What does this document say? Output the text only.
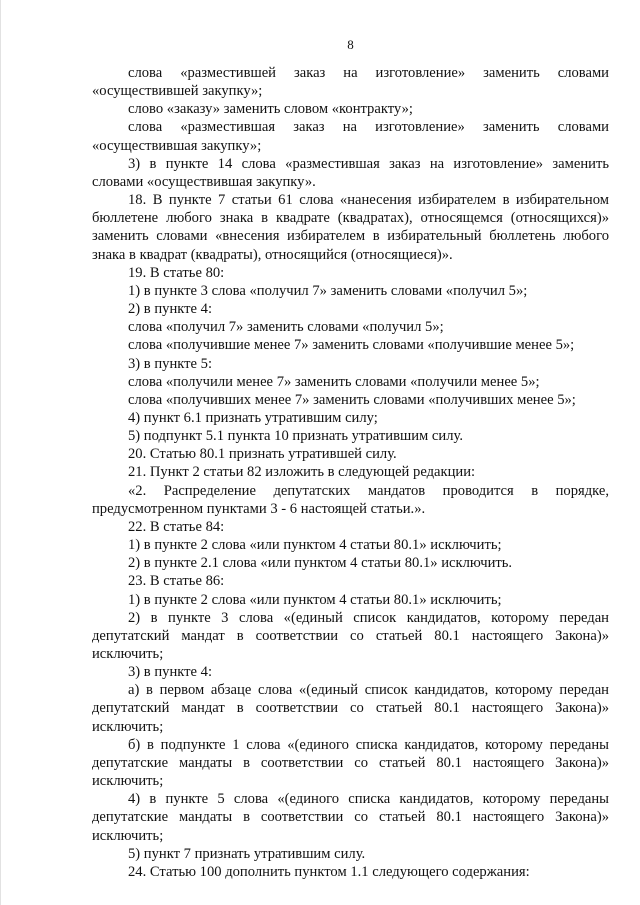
8

слова «разместившей заказ на изготовление» заменить словами «осуществившей закупку»;

слово «заказу» заменить словом «контракту»;

слова «разместившая заказ на изготовление» заменить словами «осуществившая закупку»;

3) в пункте 14 слова «разместившая заказ на изготовление» заменить словами «осуществившая закупку».

18. В пункте 7 статьи 61 слова «нанесения избирателем в избирательном бюллетене любого знака в квадрате (квадратах), относящемся (относящихся)» заменить словами «внесения избирателем в избирательный бюллетень любого знака в квадрат (квадраты), относящийся (относящиеся)».

19. В статье 80:

1) в пункте 3 слова «получил 7» заменить словами «получил 5»;

2) в пункте 4:

слова «получил 7» заменить словами «получил 5»;

слова «получившие менее 7» заменить словами «получившие менее 5»;

3) в пункте 5:

слова «получили менее 7» заменить словами «получили менее 5»;

слова «получивших менее 7» заменить словами «получивших менее 5»;

4) пункт 6.1 признать утратившим силу;

5) подпункт 5.1 пункта 10 признать утратившим силу.

20. Статью 80.1 признать утратившей силу.

21. Пункт 2 статьи 82 изложить в следующей редакции:

«2. Распределение депутатских мандатов проводится в порядке, предусмотренном пунктами 3 - 6 настоящей статьи.».

22. В статье 84:

1) в пункте 2 слова «или пунктом 4 статьи 80.1» исключить;

2) в пункте 2.1 слова «или пунктом 4 статьи 80.1» исключить.

23. В статье 86:

1) в пункте 2 слова «или пунктом 4 статьи 80.1» исключить;

2) в пункте 3 слова «(единый список кандидатов, которому передан депутатский мандат в соответствии со статьей 80.1 настоящего Закона)» исключить;

3) в пункте 4:

а) в первом абзаце слова «(единый список кандидатов, которому передан депутатский мандат в соответствии со статьей 80.1 настоящего Закона)» исключить;

б) в подпункте 1 слова «(единого списка кандидатов, которому переданы депутатские мандаты в соответствии со статьей 80.1 настоящего Закона)» исключить;

4) в пункте 5 слова «(единого списка кандидатов, которому переданы депутатские мандаты в соответствии со статьей 80.1 настоящего Закона)» исключить;

5) пункт 7 признать утратившим силу.

24. Статью 100 дополнить пунктом 1.1 следующего содержания:
